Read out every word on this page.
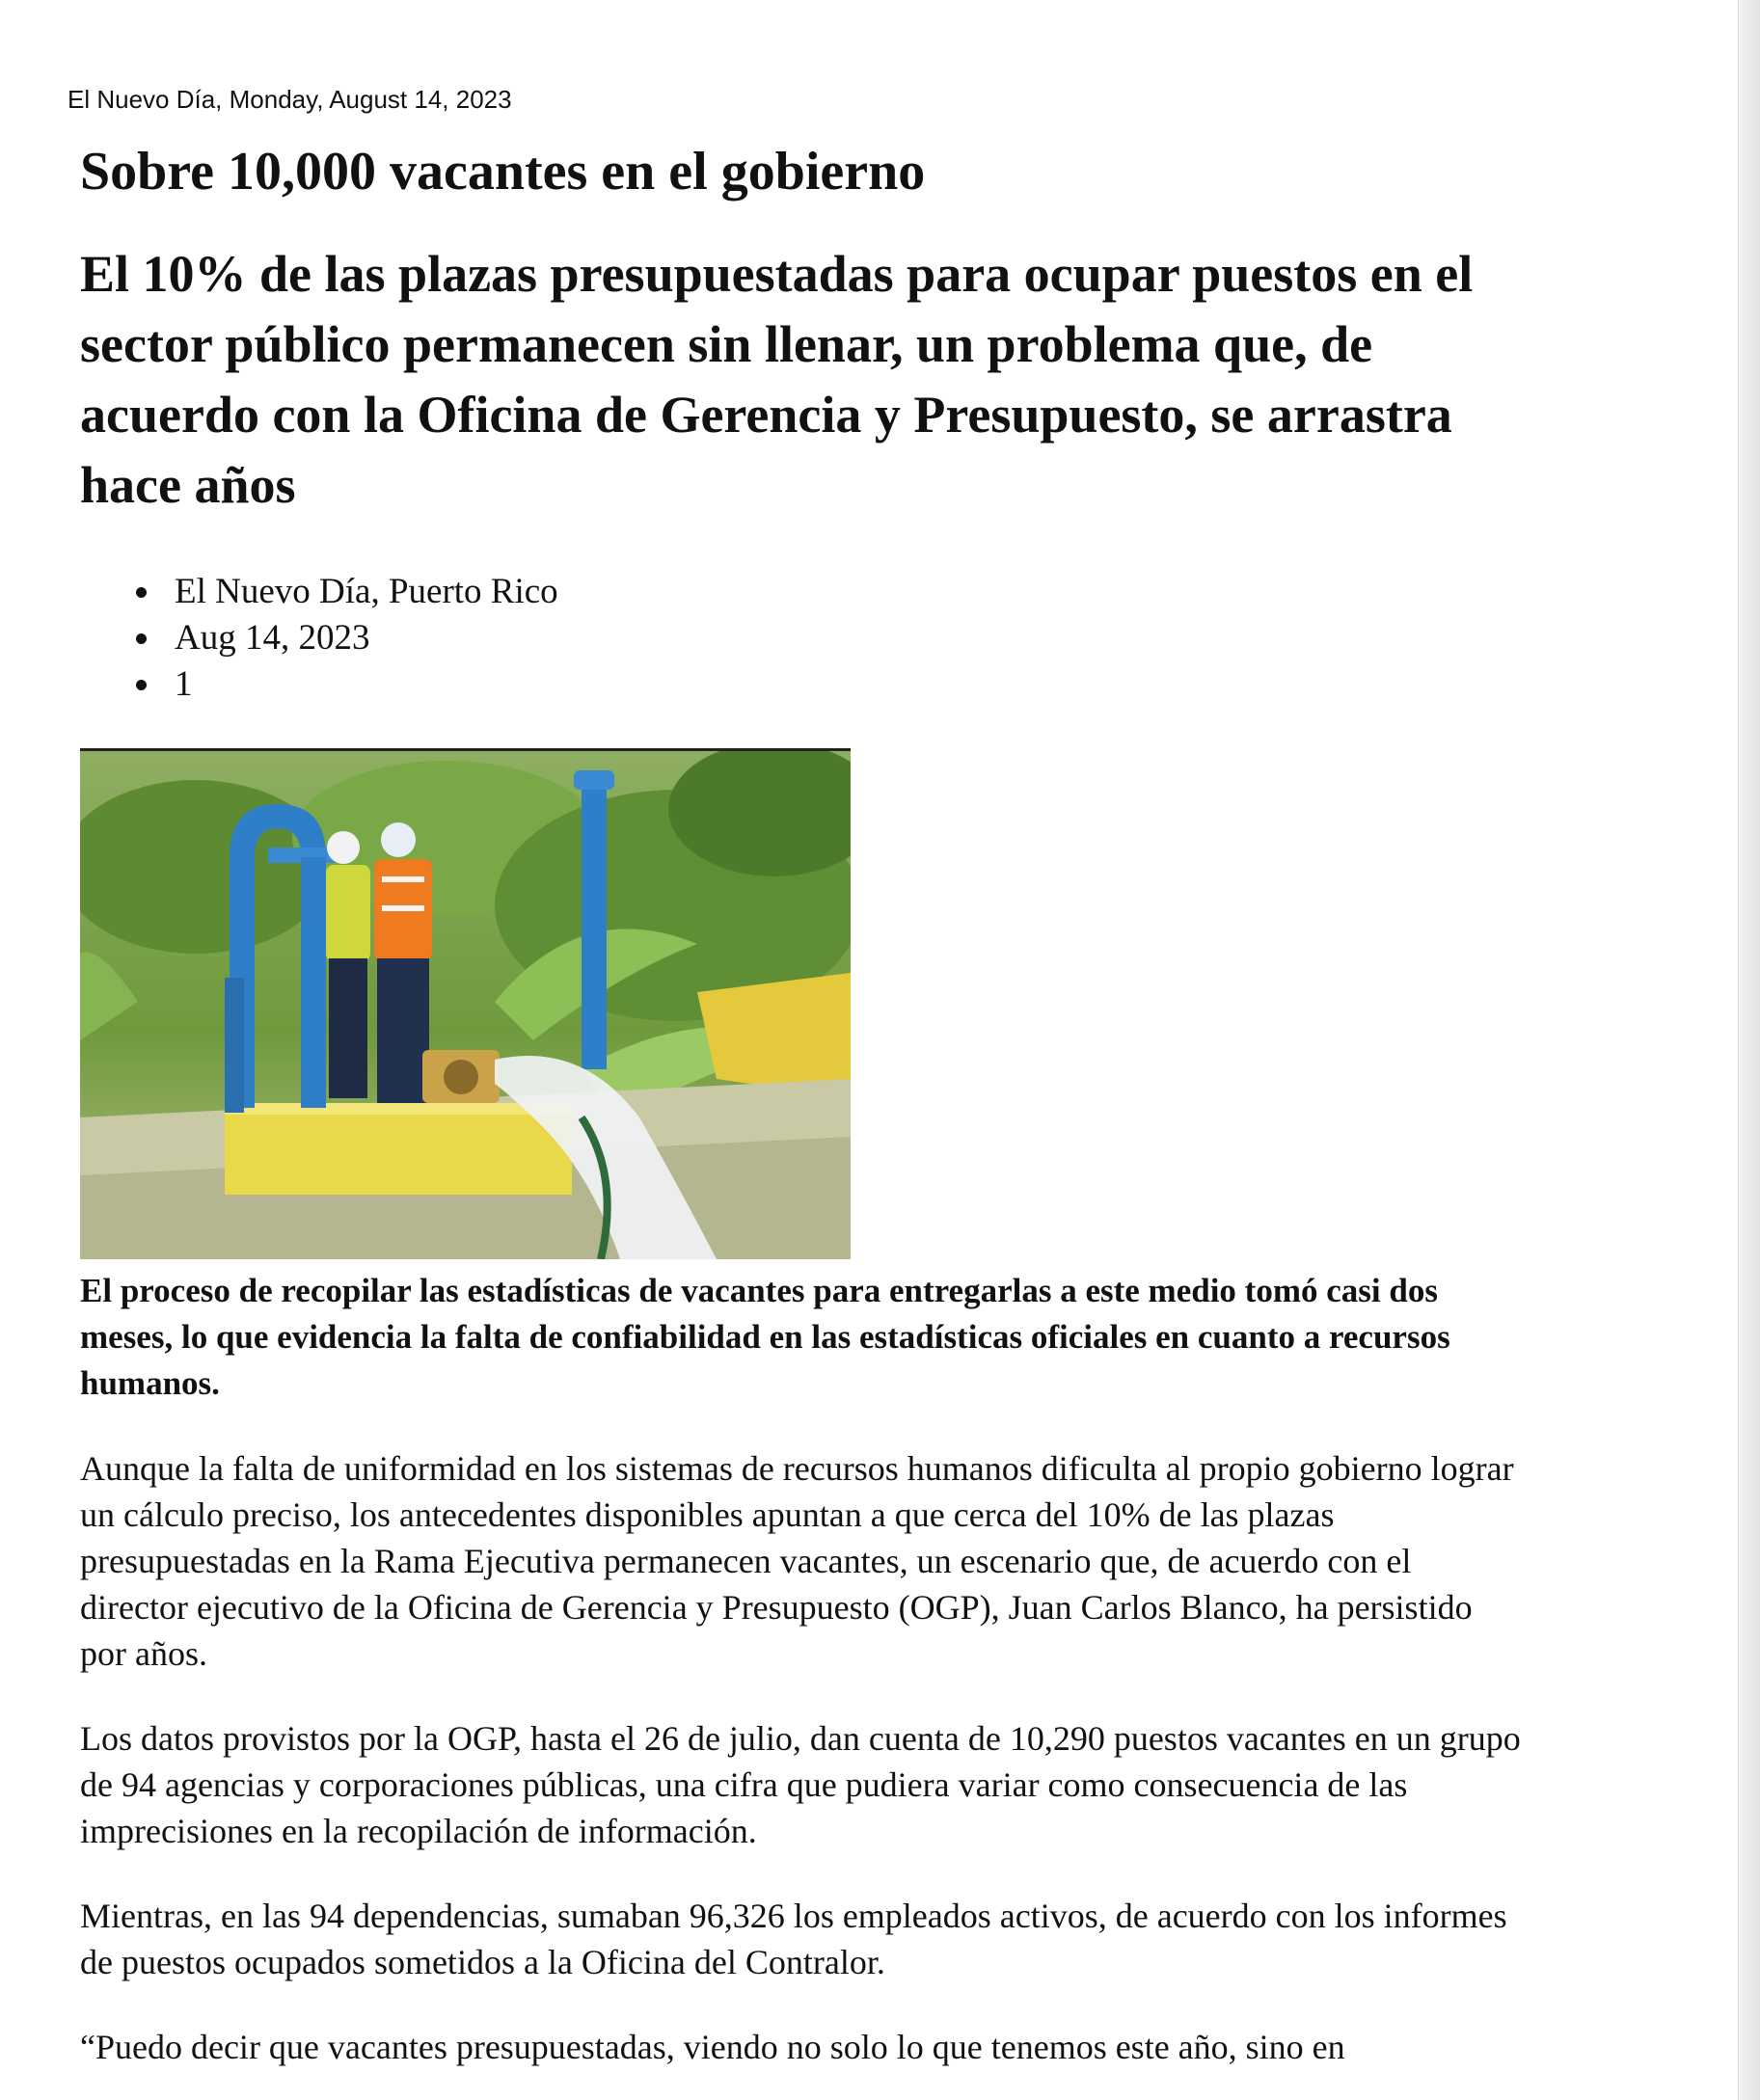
El Nuevo Día, Monday, August 14, 2023
Sobre 10,000 vacantes en el gobierno
El 10% de las plazas presupuestadas para ocupar puestos en el sector público permanecen sin llenar, un problema que, de acuerdo con la Oficina de Gerencia y Presupuesto, se arrastra hace años
El Nuevo Día, Puerto Rico
Aug 14, 2023
1

El proceso de recopilar las estadísticas de vacantes para entregarlas a este medio tomó casi dos meses, lo que evidencia la falta de confiabilidad en las estadísticas oficiales en cuanto a recursos humanos.

Aunque la falta de uniformidad en los sistemas de recursos humanos dificulta al propio gobierno lograr un cálculo preciso, los antecedentes disponibles apuntan a que cerca del 10% de las plazas presupuestadas en la Rama Ejecutiva permanecen vacantes, un escenario que, de acuerdo con el director ejecutivo de la Oficina de Gerencia y Presupuesto (OGP), Juan Carlos Blanco, ha persistido por años.

Los datos provistos por la OGP, hasta el 26 de julio, dan cuenta de 10,290 puestos vacantes en un grupo de 94 agencias y corporaciones públicas, una cifra que pudiera variar como consecuencia de las imprecisiones en la recopilación de información.

Mientras, en las 94 dependencias, sumaban 96,326 los empleados activos, de acuerdo con los informes de puestos ocupados sometidos a la Oficina del Contralor.

“Puedo decir que vacantes presupuestadas, viendo no solo lo que tenemos este año, sino en
